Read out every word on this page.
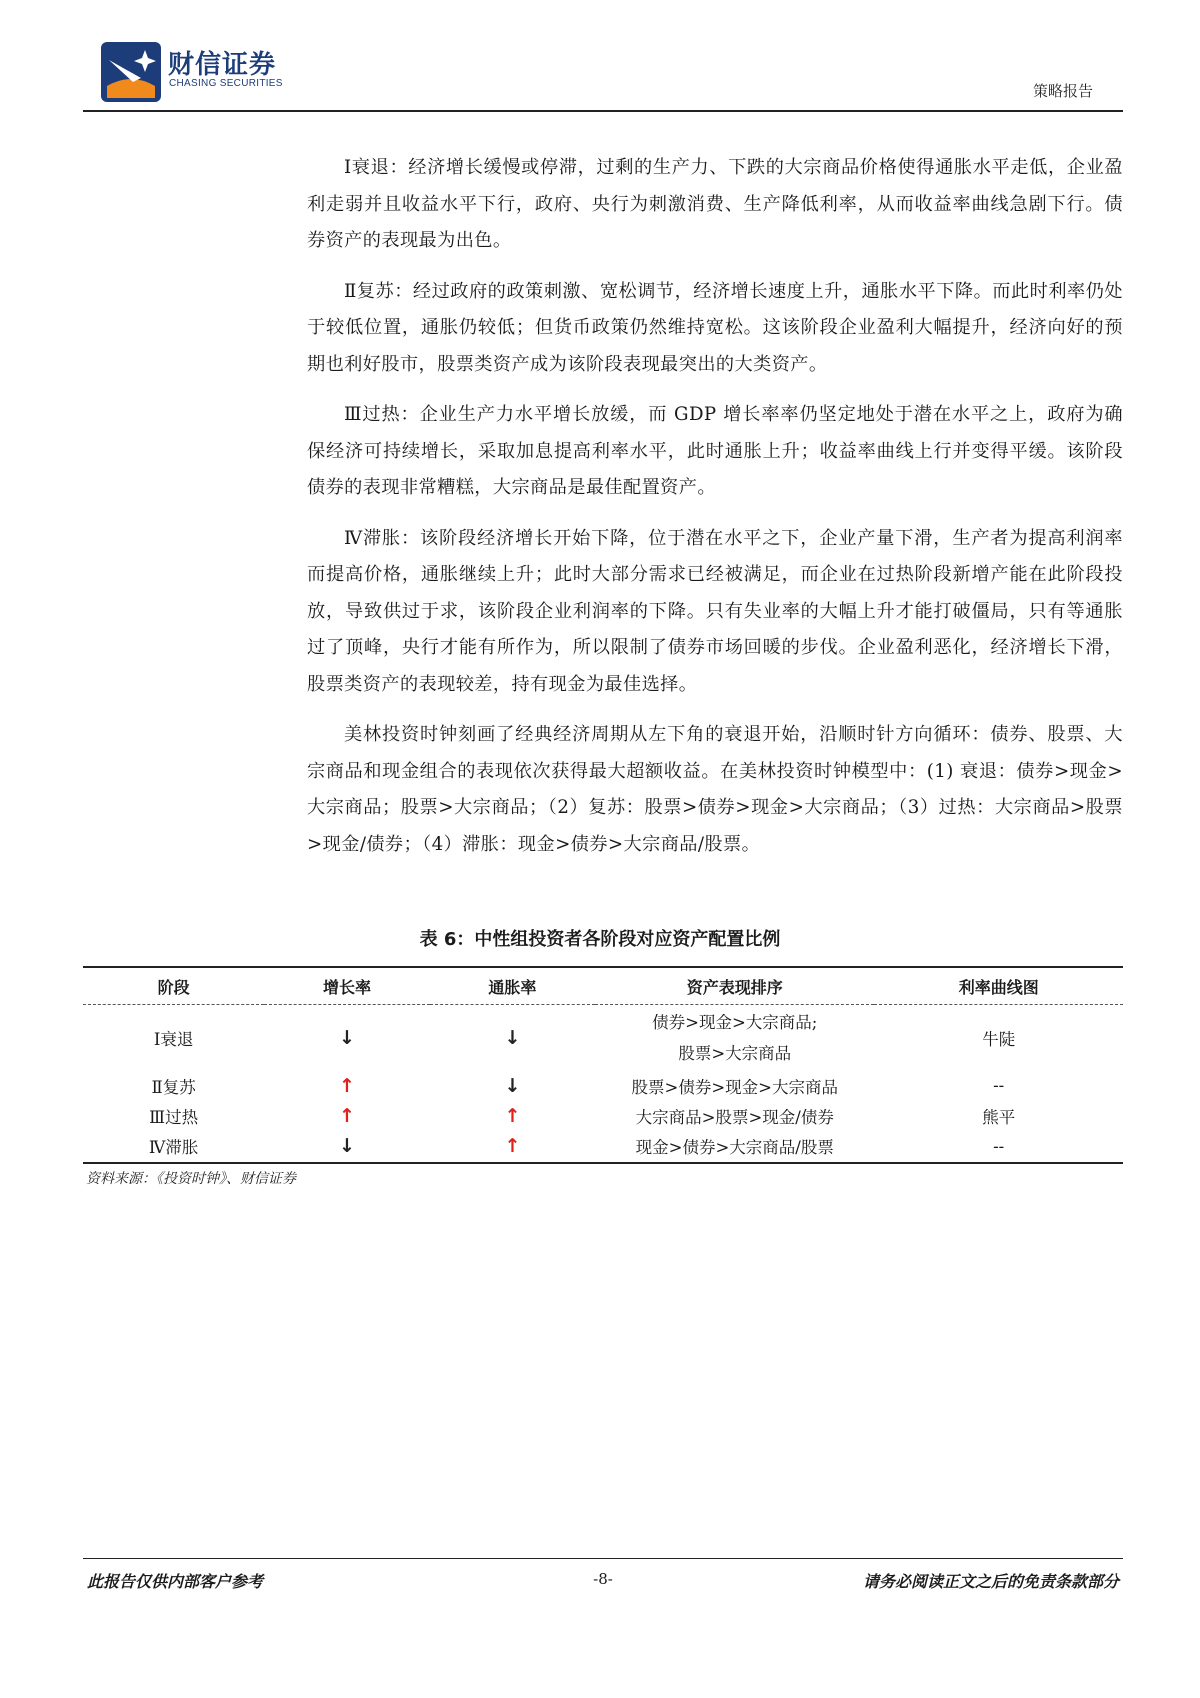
财信证券
CHASING SECURITIES	策略报告

Ⅰ衰退：经济增长缓慢或停滞，过剩的生产力、下跌的大宗商品价格使得通胀水平走低，企业盈利走弱并且收益水平下行，政府、央行为刺激消费、生产降低利率，从而收益率曲线急剧下行。债券资产的表现最为出色。

Ⅱ复苏：经过政府的政策刺激、宽松调节，经济增长速度上升，通胀水平下降。而此时利率仍处于较低位置，通胀仍较低；但货币政策仍然维持宽松。这该阶段企业盈利大幅提升，经济向好的预期也利好股市，股票类资产成为该阶段表现最突出的大类资产。

Ⅲ过热：企业生产力水平增长放缓，而 GDP 增长率率仍坚定地处于潜在水平之上，政府为确保经济可持续增长，采取加息提高利率水平，此时通胀上升；收益率曲线上行并变得平缓。该阶段债券的表现非常糟糕，大宗商品是最佳配置资产。

Ⅳ滞胀：该阶段经济增长开始下降，位于潜在水平之下，企业产量下滑，生产者为提高利润率而提高价格，通胀继续上升；此时大部分需求已经被满足，而企业在过热阶段新增产能在此阶段投放，导致供过于求，该阶段企业利润率的下降。只有失业率的大幅上升才能打破僵局，只有等通胀过了顶峰，央行才能有所作为，所以限制了债券市场回暖的步伐。企业盈利恶化，经济增长下滑，股票类资产的表现较差，持有现金为最佳选择。

美林投资时钟刻画了经典经济周期从左下角的衰退开始，沿顺时针方向循环：债券、股票、大宗商品和现金组合的表现依次获得最大超额收益。在美林投资时钟模型中：(1) 衰退：债券>现金>大宗商品；股票>大宗商品；（2）复苏：股票>债券>现金>大宗商品；（3）过热：大宗商品>股票>现金/债券；（4）滞胀：现金>债券>大宗商品/股票。

表 6：中性组投资者各阶段对应资产配置比例
阶段	增长率	通胀率	资产表现排序	利率曲线图
Ⅰ衰退	↓	↓	债券>现金>大宗商品;
股票>大宗商品	牛陡
Ⅱ复苏	↑	↓	股票>债券>现金>大宗商品	--
Ⅲ过热	↑	↑	大宗商品>股票>现金/债券	熊平
Ⅳ滞胀	↓	↑	现金>债券>大宗商品/股票	--
资料来源：《投资时钟》、财信证券
此报告仅供内部客户参考	-8-	请务必阅读正文之后的免责条款部分
